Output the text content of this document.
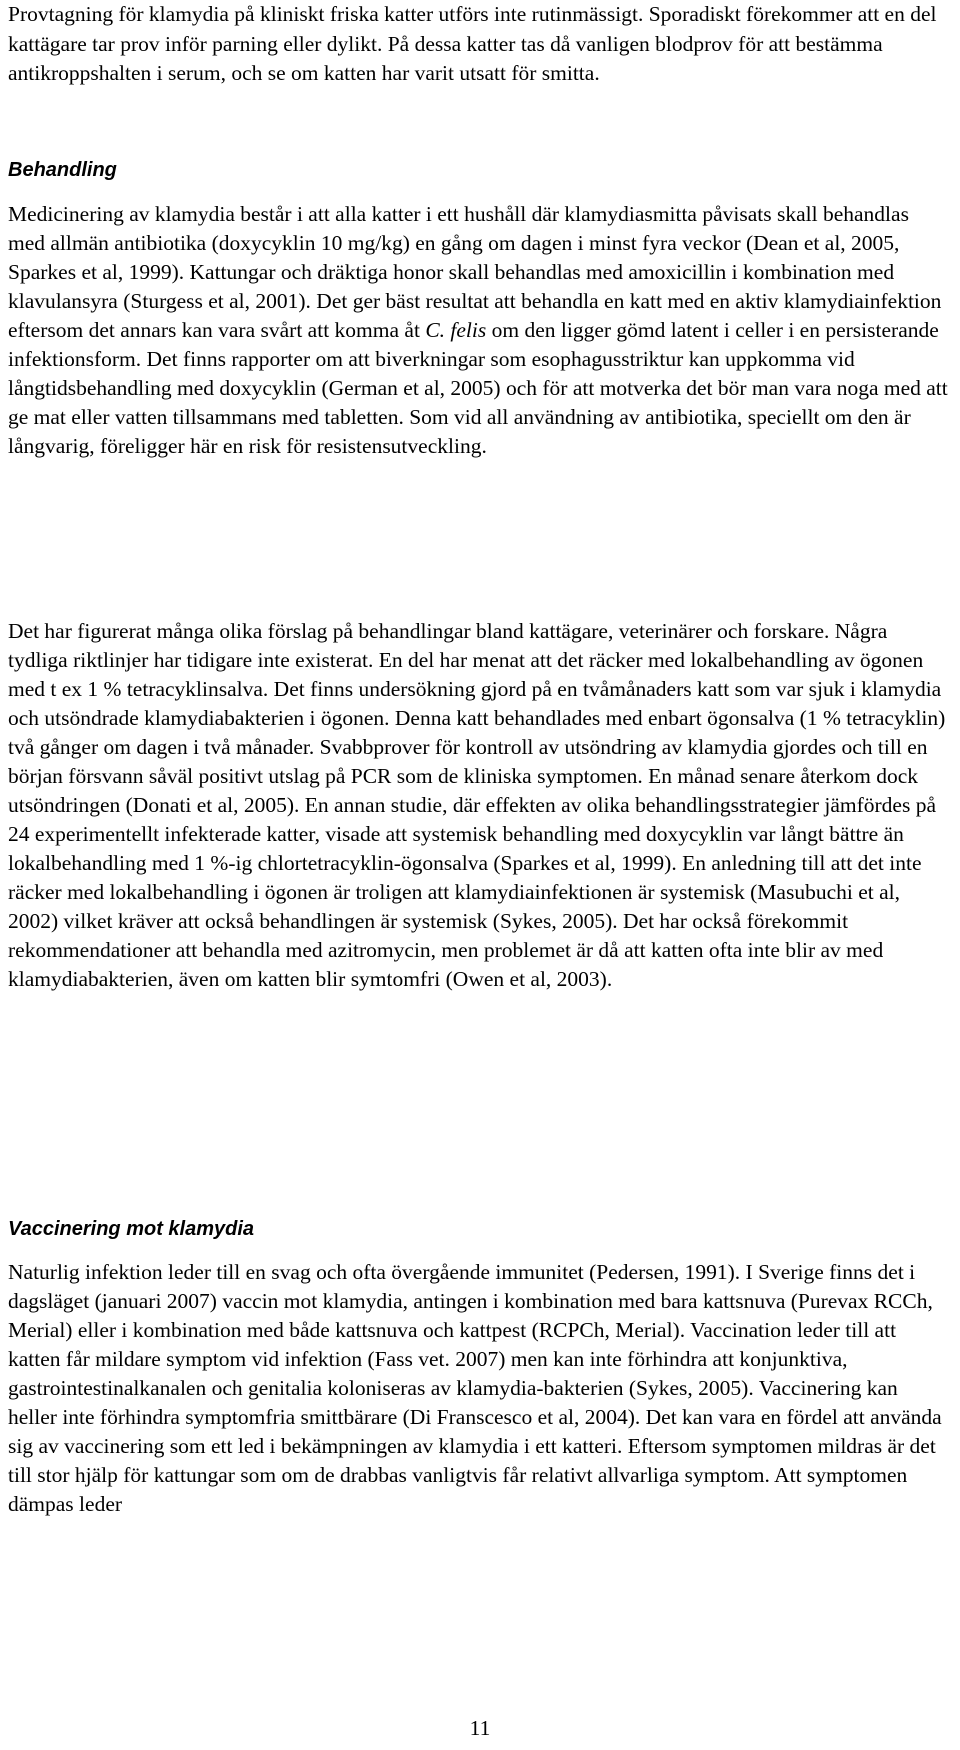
Provtagning för klamydia på kliniskt friska katter utförs inte rutinmässigt. Sporadiskt förekommer att en del kattägare tar prov inför parning eller dylikt. På dessa katter tas då vanligen blodprov för att bestämma antikroppshalten i serum, och se om katten har varit utsatt för smitta.

Behandling

Medicinering av klamydia består i att alla katter i ett hushåll där klamydiasmitta påvisats skall behandlas med allmän antibiotika (doxycyklin 10 mg/kg) en gång om dagen i minst fyra veckor (Dean et al, 2005, Sparkes et al, 1999). Kattungar och dräktiga honor skall behandlas med amoxicillin i kombination med klavulansyra (Sturgess et al, 2001). Det ger bäst resultat att behandla en katt med en aktiv klamydiainfektion eftersom det annars kan vara svårt att komma åt C. felis om den ligger gömd latent i celler i en persisterande infektionsform. Det finns rapporter om att biverkningar som esophagusstriktur kan uppkomma vid långtidsbehandling med doxycyklin (German et al, 2005) och för att motverka det bör man vara noga med att ge mat eller vatten tillsammans med tabletten. Som vid all användning av antibiotika, speciellt om den är långvarig, föreligger här en risk för resistensutveckling.

Det har figurerat många olika förslag på behandlingar bland kattägare, veterinärer och forskare. Några tydliga riktlinjer har tidigare inte existerat. En del har menat att det räcker med lokalbehandling av ögonen med t ex 1 % tetracyklinsalva. Det finns undersökning gjord på en tvåmånaders katt som var sjuk i klamydia och utsöndrade klamydiabakterien i ögonen. Denna katt behandlades med enbart ögonsalva (1 % tetracyklin) två gånger om dagen i två månader. Svabbprover för kontroll av utsöndring av klamydia gjordes och till en början försvann såväl positivt utslag på PCR som de kliniska symptomen. En månad senare återkom dock utsöndringen (Donati et al, 2005). En annan studie, där effekten av olika behandlingsstrategier jämfördes på 24 experimentellt infekterade katter, visade att systemisk behandling med doxycyklin var långt bättre än lokalbehandling med 1 %-ig chlortetracyklin-ögonsalva (Sparkes et al, 1999). En anledning till att det inte räcker med lokalbehandling i ögonen är troligen att klamydiainfektionen är systemisk (Masubuchi et al, 2002) vilket kräver att också behandlingen är systemisk (Sykes, 2005). Det har också förekommit rekommendationer att behandla med azitromycin, men problemet är då att katten ofta inte blir av med klamydiabakterien, även om katten blir symtomfri (Owen et al, 2003).

Vaccinering mot klamydia

Naturlig infektion leder till en svag och ofta övergående immunitet (Pedersen, 1991). I Sverige finns det i dagsläget (januari 2007) vaccin mot klamydia, antingen i kombination med bara kattsnuva (Purevax RCCh, Merial) eller i kombination med både kattsnuva och kattpest (RCPCh, Merial). Vaccination leder till att katten får mildare symptom vid infektion (Fass vet. 2007) men kan inte förhindra att konjunktiva, gastrointestinalkanalen och genitalia koloniseras av klamydia-bakterien (Sykes, 2005). Vaccinering kan heller inte förhindra symptomfria smittbärare (Di Franscesco et al, 2004). Det kan vara en fördel att använda sig av vaccinering som ett led i bekämpningen av klamydia i ett katteri. Eftersom symptomen mildras är det till stor hjälp för kattungar som om de drabbas vanligtvis får relativt allvarliga symptom. Att symptomen dämpas leder

11
